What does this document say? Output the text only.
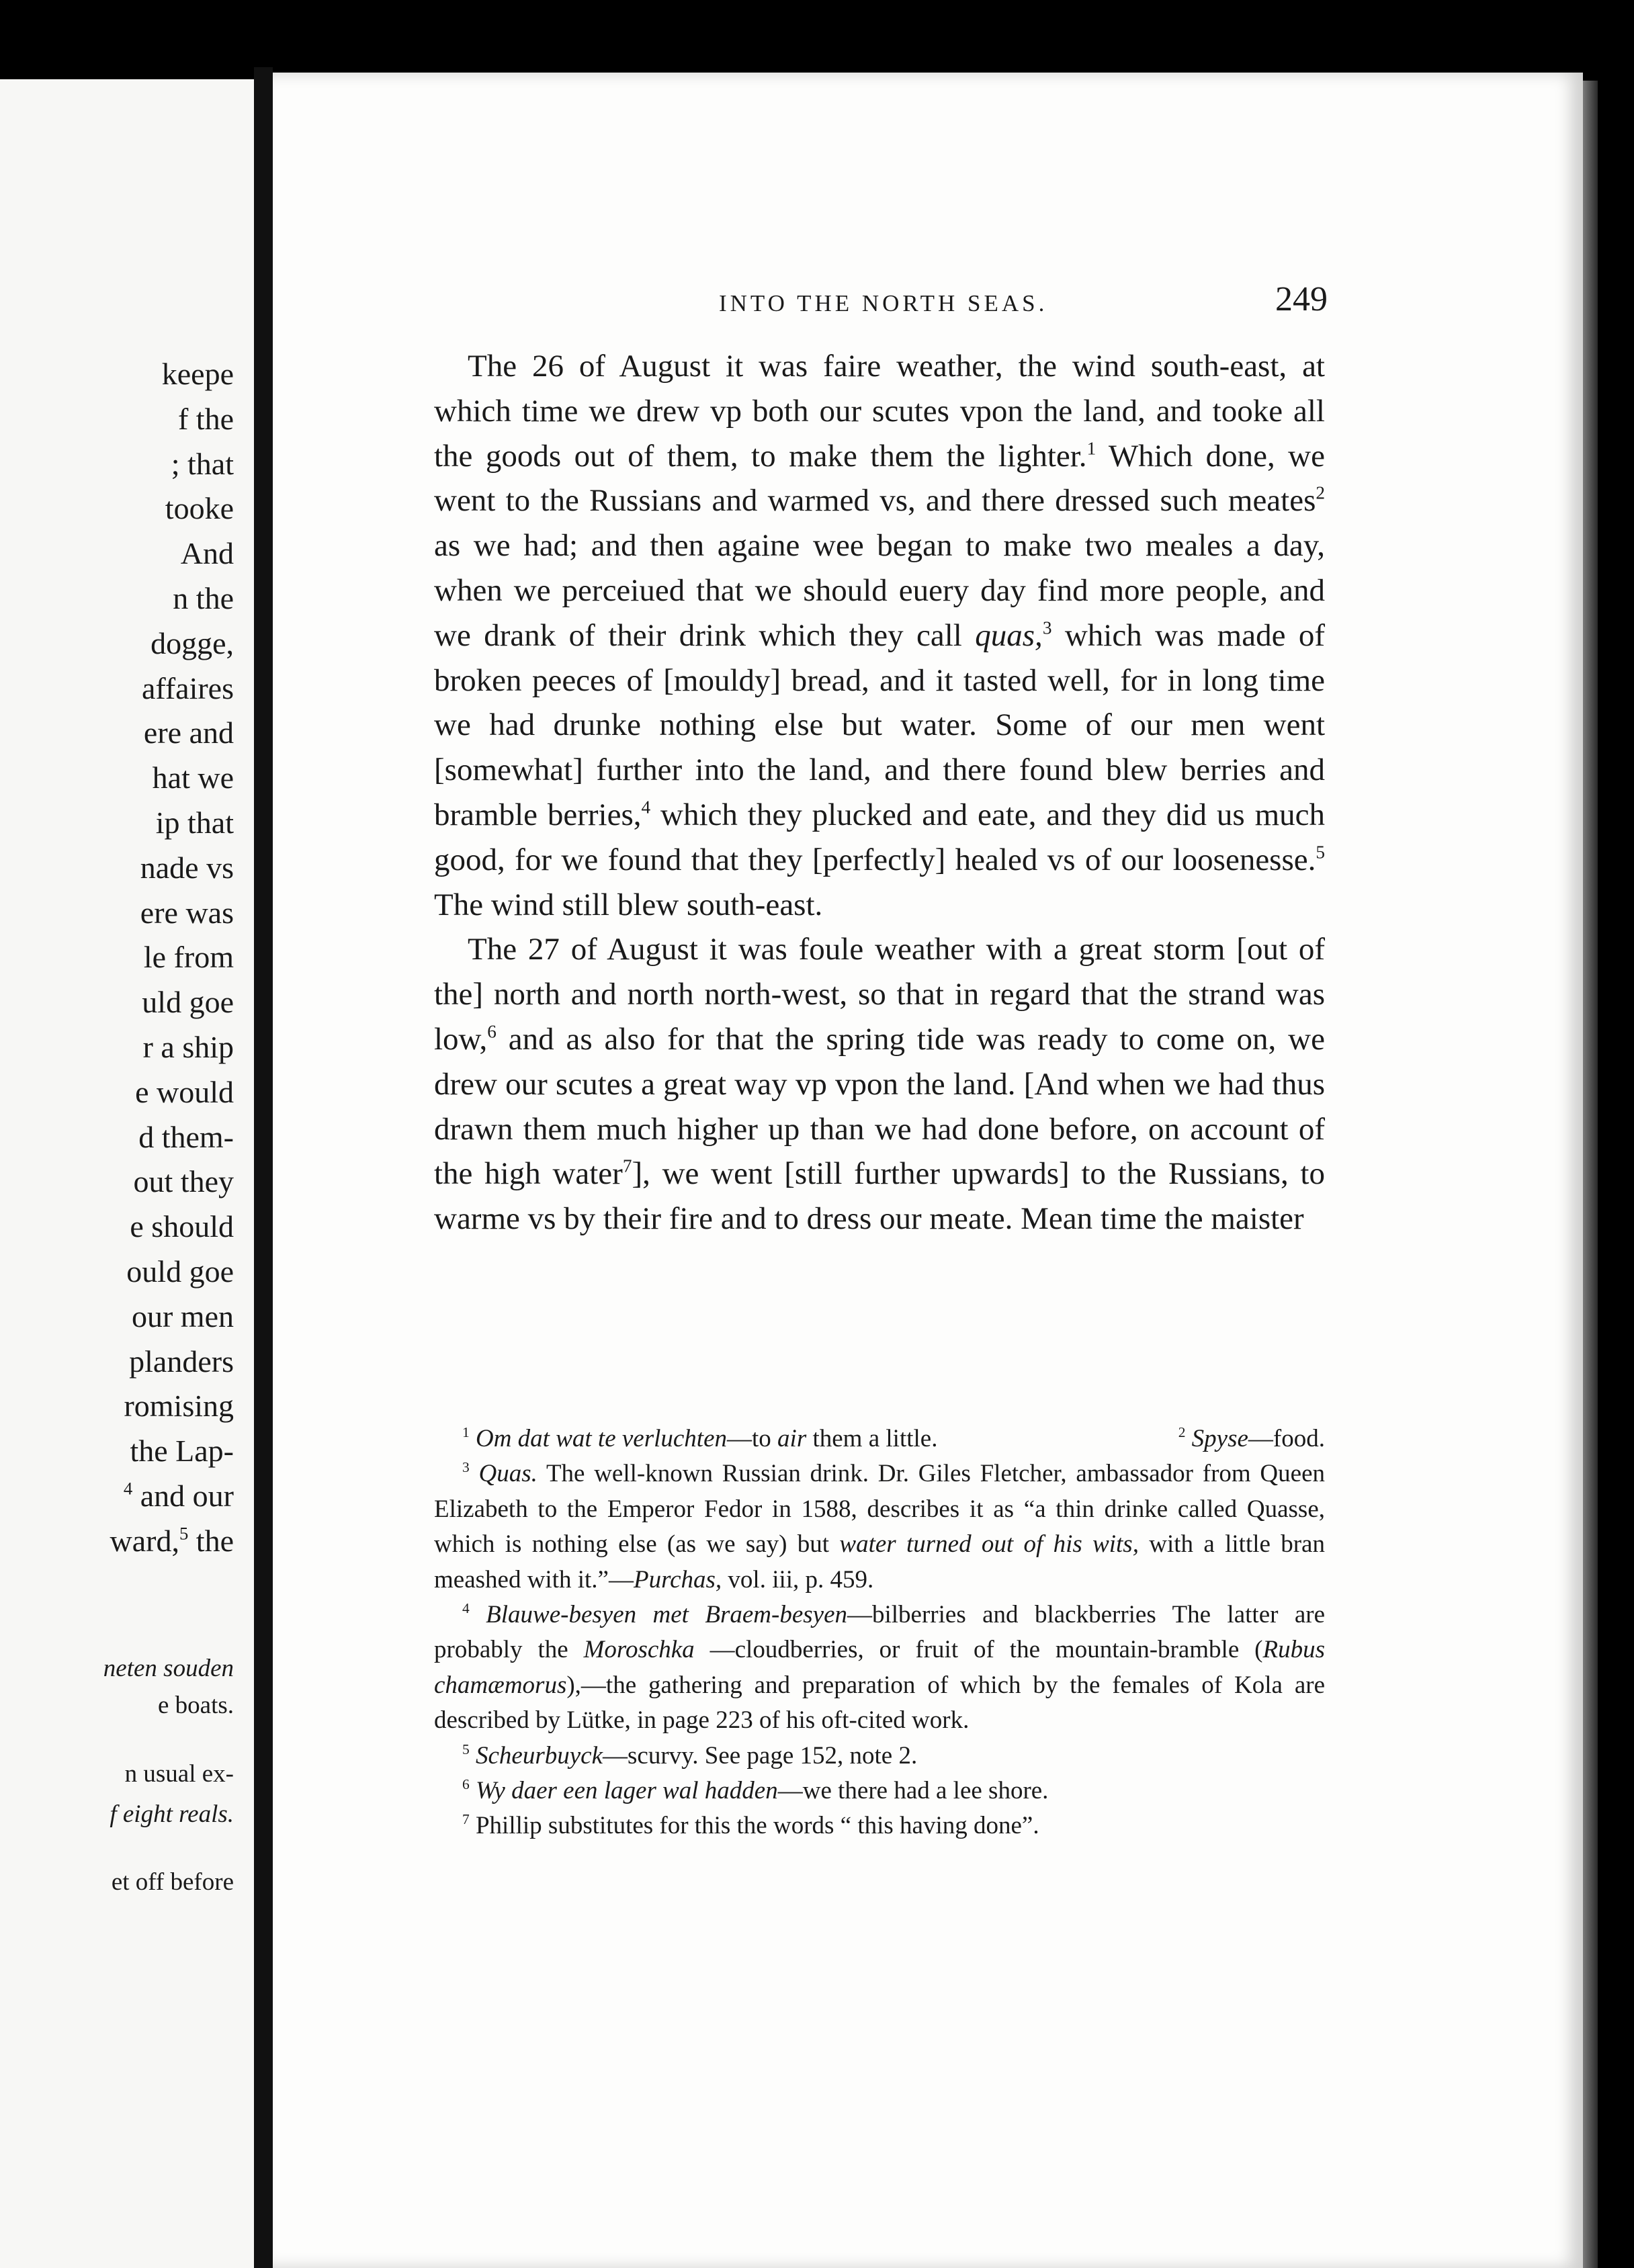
keepe
f the
; that
tooke
And
n the
dogge,
affaires
ere and
hat we
ip that
nade vs
ere was
le from
uld goe
r a ship
e would
d them-
out they
e should
ould goe
our men
planders
romising
the Lap-
$^4$ and our
ward,$^5$ the
neten souden
e boats.
n usual ex-
f eight reals.
et off before
INTO THE NORTH SEAS.	249

The 26 of August it was faire weather, the wind south-east, at which time we drew vp both our scutes vpon the land, and tooke all the goods out of them, to make them the lighter.$^1$ Which done, we went to the Russians and warmed vs, and there dressed such meates$^2$ as we had; and then againe wee began to make two meales a day, when we perceiued that we should euery day find more people, and we drank of their drink which they call quas,$^3$ which was made of broken peeces of [mouldy] bread, and it tasted well, for in long time we had drunke nothing else but water. Some of our men went [somewhat] further into the land, and there found blew berries and bramble berries,$^4$ which they plucked and eate, and they did us much good, for we found that they [perfectly] healed vs of our loosenesse.$^5$ The wind still blew south-east.

The 27 of August it was foule weather with a great storm [out of the] north and north north-west, so that in regard that the strand was low,$^6$ and as also for that the spring tide was ready to come on, we drew our scutes a great way vp vpon the land. [And when we had thus drawn them much higher up than we had done before, on account of the high water$^7$], we went [still further upwards] to the Russians, to warme vs by their fire and to dress our meate. Mean time the maister

$^1$ Om dat wat te verluchten—to air them a little.	$^2$ Spyse—food.

$^3$ Quas. The well-known Russian drink. Dr. Giles Fletcher, ambassador from Queen Elizabeth to the Emperor Fedor in 1588, describes it as “a thin drinke called Quasse, which is nothing else (as we say) but water turned out of his wits, with a little bran meashed with it.”—Purchas, vol. iii, p. 459.

$^4$ Blauwe-besyen met Braem-besyen—bilberries and blackberries The latter are probably the Moroschka —cloudberries, or fruit of the mountain-bramble (Rubus chamæmorus),—the gathering and preparation of which by the females of Kola are described by Lütke, in page 223 of his oft-cited work.

$^5$ Scheurbuyck—scurvy. See page 152, note 2.

$^6$ Wy daer een lager wal hadden—we there had a lee shore.

$^7$ Phillip substitutes for this the words “ this having done”.
